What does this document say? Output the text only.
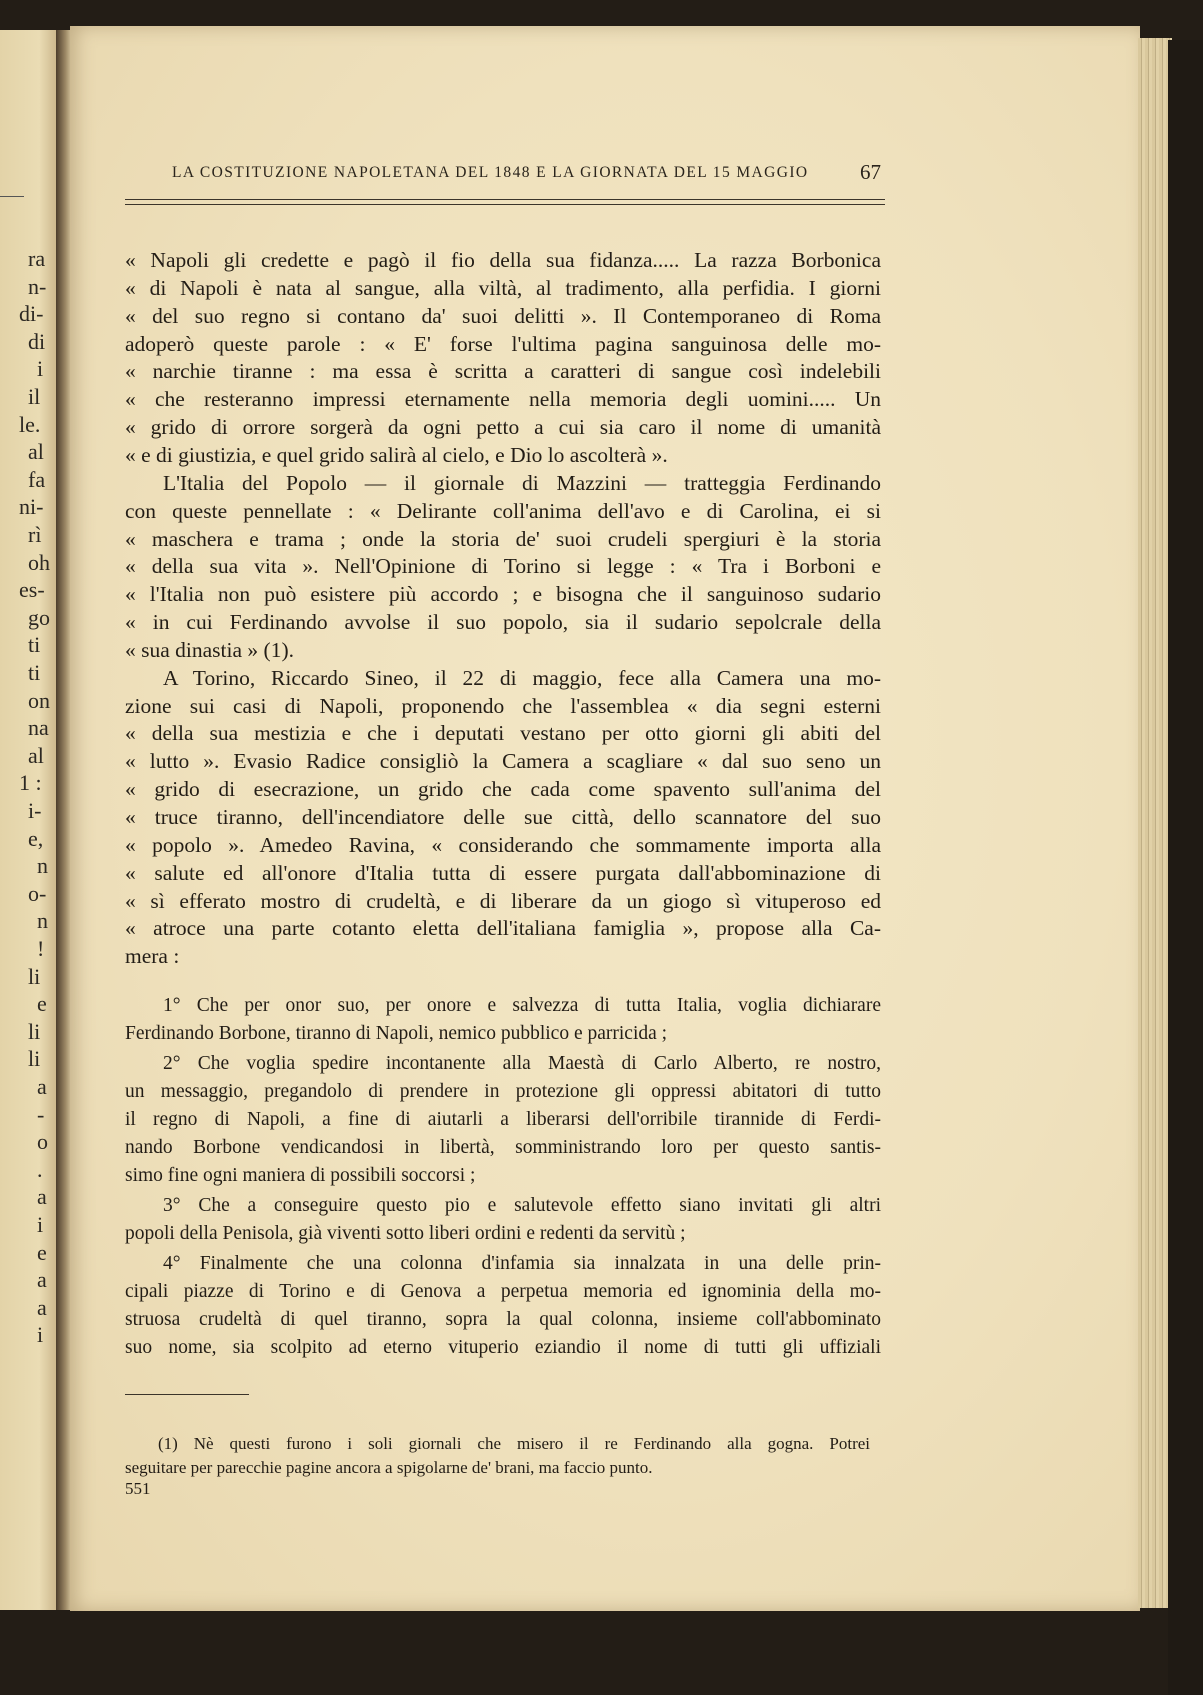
ra
n-
di-
di
i
il
le.
al
fa
ni-
rì
oh
es-
go
ti
ti
on
na
al
1 :
i-
e,
n
o-
n
!
li
e
li
li
a
-
o
.
a
i
e
a
a
i
LA COSTITUZIONE NAPOLETANA DEL 1848 E LA GIORNATA DEL 15 MAGGIO	67
« Napoli gli credette e pagò il fio della sua fidanza..... La razza Borbonica
« di Napoli è nata al sangue, alla viltà, al tradimento, alla perfidia. I giorni
« del suo regno si contano da' suoi delitti ». Il Contemporaneo di Roma
adoperò queste parole : « E' forse l'ultima pagina sanguinosa delle mo-
« narchie tiranne : ma essa è scritta a caratteri di sangue così indelebili
« che resteranno impressi eternamente nella memoria degli uomini..... Un
« grido di orrore sorgerà da ogni petto a cui sia caro il nome di umanità
« e di giustizia, e quel grido salirà al cielo, e Dio lo ascolterà ».
L'Italia del Popolo — il giornale di Mazzini — tratteggia Ferdinando
con queste pennellate : « Delirante coll'anima dell'avo e di Carolina, ei si
« maschera e trama ; onde la storia de' suoi crudeli spergiuri è la storia
« della sua vita ». Nell'Opinione di Torino si legge : « Tra i Borboni e
« l'Italia non può esistere più accordo ; e bisogna che il sanguinoso sudario
« in cui Ferdinando avvolse il suo popolo, sia il sudario sepolcrale della
« sua dinastia » (1).
A Torino, Riccardo Sineo, il 22 di maggio, fece alla Camera una mo-
zione sui casi di Napoli, proponendo che l'assemblea « dia segni esterni
« della sua mestizia e che i deputati vestano per otto giorni gli abiti del
« lutto ». Evasio Radice consigliò la Camera a scagliare « dal suo seno un
« grido di esecrazione, un grido che cada come spavento sull'anima del
« truce tiranno, dell'incendiatore delle sue città, dello scannatore del suo
« popolo ». Amedeo Ravina, « considerando che sommamente importa alla
« salute ed all'onore d'Italia tutta di essere purgata dall'abbominazione di
« sì efferato mostro di crudeltà, e di liberare da un giogo sì vituperoso ed
« atroce una parte cotanto eletta dell'italiana famiglia », propose alla Ca-
mera :
1° Che per onor suo, per onore e salvezza di tutta Italia, voglia dichiarare
Ferdinando Borbone, tiranno di Napoli, nemico pubblico e parricida ;
2° Che voglia spedire incontanente alla Maestà di Carlo Alberto, re nostro,
un messaggio, pregandolo di prendere in protezione gli oppressi abitatori di tutto
il regno di Napoli, a fine di aiutarli a liberarsi dell'orribile tirannide di Ferdi-
nando Borbone vendicandosi in libertà, somministrando loro per questo santis-
simo fine ogni maniera di possibili soccorsi ;
3° Che a conseguire questo pio e salutevole effetto siano invitati gli altri
popoli della Penisola, già viventi sotto liberi ordini e redenti da servitù ;
4° Finalmente che una colonna d'infamia sia innalzata in una delle prin-
cipali piazze di Torino e di Genova a perpetua memoria ed ignominia della mo-
struosa crudeltà di quel tiranno, sopra la qual colonna, insieme coll'abbominato
suo nome, sia scolpito ad eterno vituperio eziandio il nome di tutti gli uffiziali
(1) Nè questi furono i soli giornali che misero il re Ferdinando alla gogna. Potrei
seguitare per parecchie pagine ancora a spigolarne de' brani, ma faccio punto.
551
